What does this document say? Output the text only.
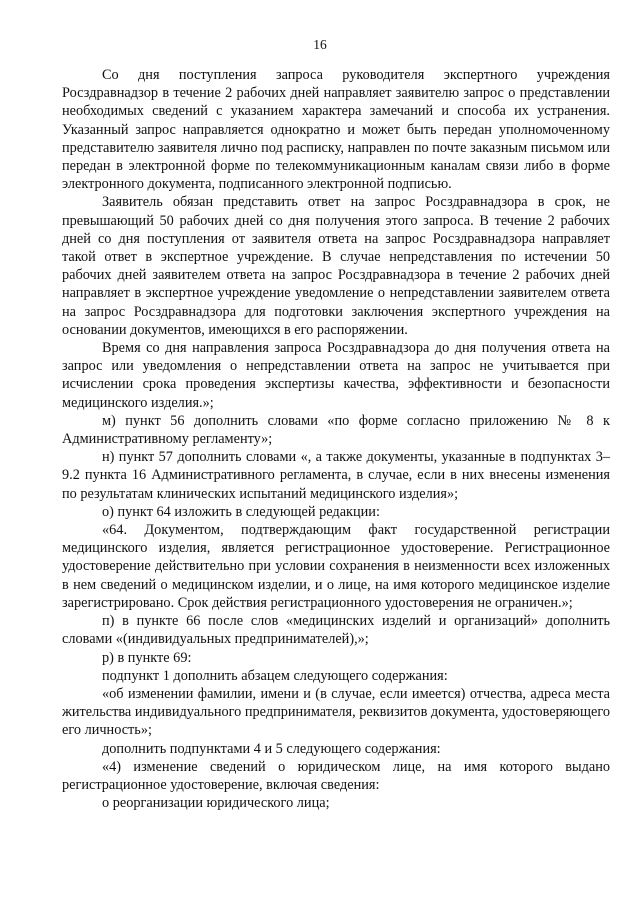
16

Со дня поступления запроса руководителя экспертного учреждения Росздравнадзор в течение 2 рабочих дней направляет заявителю запрос о представлении необходимых сведений с указанием характера замечаний и способа их устранения. Указанный запрос направляется однократно и может быть передан уполномоченному представителю заявителя лично под расписку, направлен по почте заказным письмом или передан в электронной форме по телекоммуникационным каналам связи либо в форме электронного документа, подписанного электронной подписью.

Заявитель обязан представить ответ на запрос Росздравнадзора в срок, не превышающий 50 рабочих дней со дня получения этого запроса. В течение 2 рабочих дней со дня поступления от заявителя ответа на запрос Росздравнадзора направляет такой ответ в экспертное учреждение. В случае непредставления по истечении 50 рабочих дней заявителем ответа на запрос Росздравнадзора в течение 2 рабочих дней направляет в экспертное учреждение уведомление о непредставлении заявителем ответа на запрос Росздравнадзора для подготовки заключения экспертного учреждения на основании документов, имеющихся в его распоряжении.

Время со дня направления запроса Росздравнадзора до дня получения ответа на запрос или уведомления о непредставлении ответа на запрос не учитывается при исчислении срока проведения экспертизы качества, эффективности и безопасности медицинского изделия.»;

м) пункт 56 дополнить словами «по форме согласно приложению № 8 к Административному регламенту»;

н) пункт 57 дополнить словами «, а также документы, указанные в подпунктах 3–9.2 пункта 16 Административного регламента, в случае, если в них внесены изменения по результатам клинических испытаний медицинского изделия»;

о) пункт 64 изложить в следующей редакции:

«64. Документом, подтверждающим факт государственной регистрации медицинского изделия, является регистрационное удостоверение. Регистрационное удостоверение действительно при условии сохранения в неизменности всех изложенных в нем сведений о медицинском изделии, и о лице, на имя которого медицинское изделие зарегистрировано. Срок действия регистрационного удостоверения не ограничен.»;

п) в пункте 66 после слов «медицинских изделий и организаций» дополнить словами «(индивидуальных предпринимателей),»;

р) в пункте 69:

подпункт 1 дополнить абзацем следующего содержания:

«об изменении фамилии, имени и (в случае, если имеется) отчества, адреса места жительства индивидуального предпринимателя, реквизитов документа, удостоверяющего его личность»;

дополнить подпунктами 4 и 5 следующего содержания:

«4) изменение сведений о юридическом лице, на имя которого выдано регистрационное удостоверение, включая сведения:

о реорганизации юридического лица;
